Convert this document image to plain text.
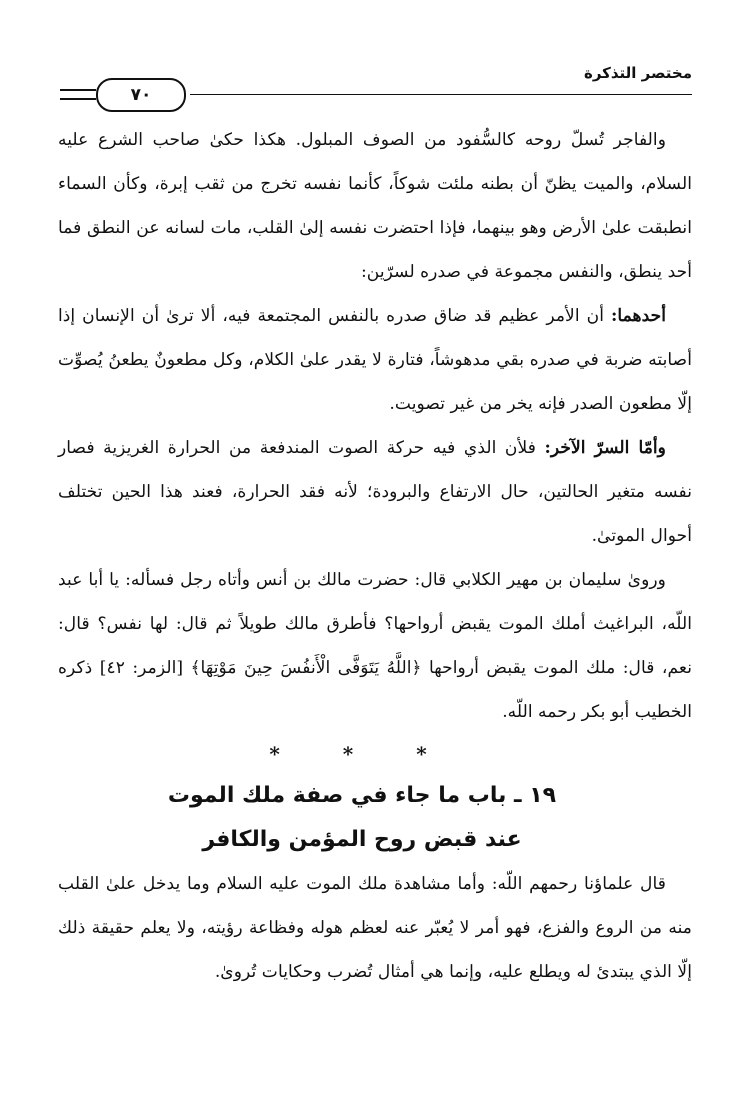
مختصر التذكرة
٧٠

والفاجر تُسلّ روحه كالسُّفود من الصوف المبلول. هكذا حكىٰ صاحب الشرع عليه السلام، والميت يظنّ أن بطنه ملئت شوكاً، كأنما نفسه تخرج من ثقب إبرة، وكأن السماء انطبقت علىٰ الأرض وهو بينهما، فإذا احتضرت نفسه إلىٰ القلب، مات لسانه عن النطق فما أحد ينطق، والنفس مجموعة في صدره لسرّين:

أحدهما: أن الأمر عظيم قد ضاق صدره بالنفس المجتمعة فيه، ألا ترىٰ أن الإنسان إذا أصابته ضربة في صدره بقي مدهوشاً، فتارة لا يقدر علىٰ الكلام، وكل مطعونٌ يطعنُ يُصوِّت إلّا مطعون الصدر فإنه يخر من غير تصويت.

وأمّا السرّ الآخر: فلأن الذي فيه حركة الصوت المندفعة من الحرارة الغريزية فصار نفسه متغير الحالتين، حال الارتفاع والبرودة؛ لأنه فقد الحرارة، فعند هذا الحين تختلف أحوال الموتىٰ.

وروىٰ سليمان بن مهير الكلابي قال: حضرت مالك بن أنس وأتاه رجل فسأله: يا أبا عبد اللّه، البراغيث أملك الموت يقبض أرواحها؟ فأطرق مالك طويلاً ثم قال: لها نفس؟ قال: نعم، قال: ملك الموت يقبض أرواحها ﴿اللَّهُ يَتَوَفَّى الْأَنفُسَ حِينَ مَوْتِهَا﴾ [الزمر: ٤٢] ذكره الخطيب أبو بكر رحمه اللّه.

* * *

١٩ ـ باب ما جاء في صفة ملك الموت

عند قبض روح المؤمن والكافر

قال علماؤنا رحمهم اللّه: وأما مشاهدة ملك الموت عليه السلام وما يدخل علىٰ القلب منه من الروع والفزع، فهو أمر لا يُعبّر عنه لعظم هوله وفظاعة رؤيته، ولا يعلم حقيقة ذلك إلّا الذي يبتدئ له ويطلع عليه، وإنما هي أمثال تُضرب وحكايات تُروىٰ.
